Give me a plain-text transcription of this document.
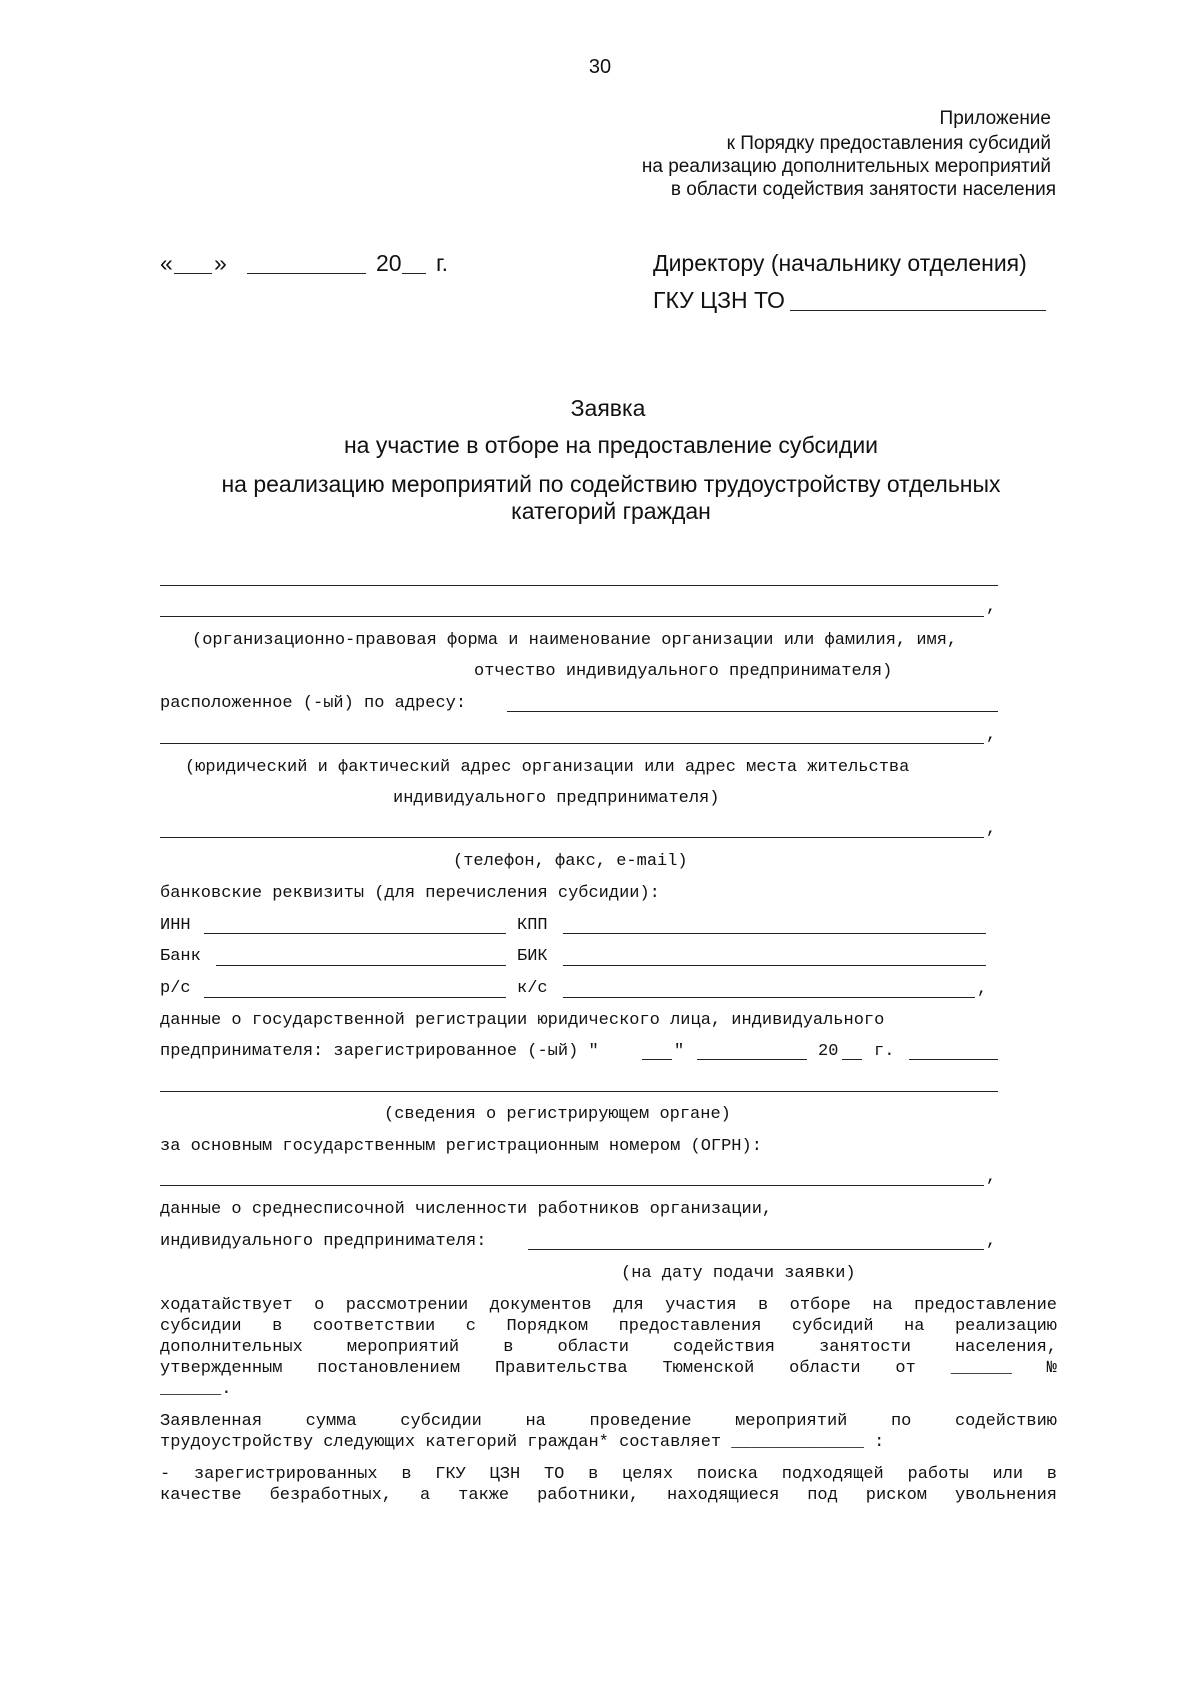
30
Приложение
к Порядку предоставления субсидий
на реализацию дополнительных мероприятий
в области содействия занятости населения
« »	20 г.	Директору (начальнику отделения)
ГКУ ЦЗН ТО
Заявка
на участие в отборе на предоставление субсидии
на реализацию мероприятий по содействию трудоустройству отдельных
категорий граждан
,
(организационно-правовая форма и наименование организации или фамилия, имя,
отчество индивидуального предпринимателя)
расположенное (-ый) по адресу:
,
(юридический и фактический адрес организации или адрес места жительства
индивидуального предпринимателя)
,
(телефон, факс, e-mail)
банковские реквизиты (для перечисления субсидии):
ИНН	КПП
Банк	БИК
р/с	к/с	,
данные о государственной регистрации юридического лица, индивидуального
предпринимателя: зарегистрированное (-ый) "	"	20 г.
(сведения о регистрирующем органе)
за основным государственным регистрационным номером (ОГРН):
,
данные о среднесписочной численности работников организации,
индивидуального предпринимателя:	,
(на дату подачи заявки)
ходатайствует о рассмотрении документов для участия в отборе на предоставление
субсидии в соответствии с Порядком предоставления субсидий на реализацию
дополнительных мероприятий в области содействия занятости населения,
утвержденным постановлением Правительства Тюменской области от ______ №
______.
Заявленная сумма субсидии на проведение мероприятий по содействию
трудоустройству следующих категорий граждан* составляет _____________ :
- зарегистрированных в ГКУ ЦЗН ТО в целях поиска подходящей работы или в
качестве безработных, а также работники, находящиеся под риском увольнения
